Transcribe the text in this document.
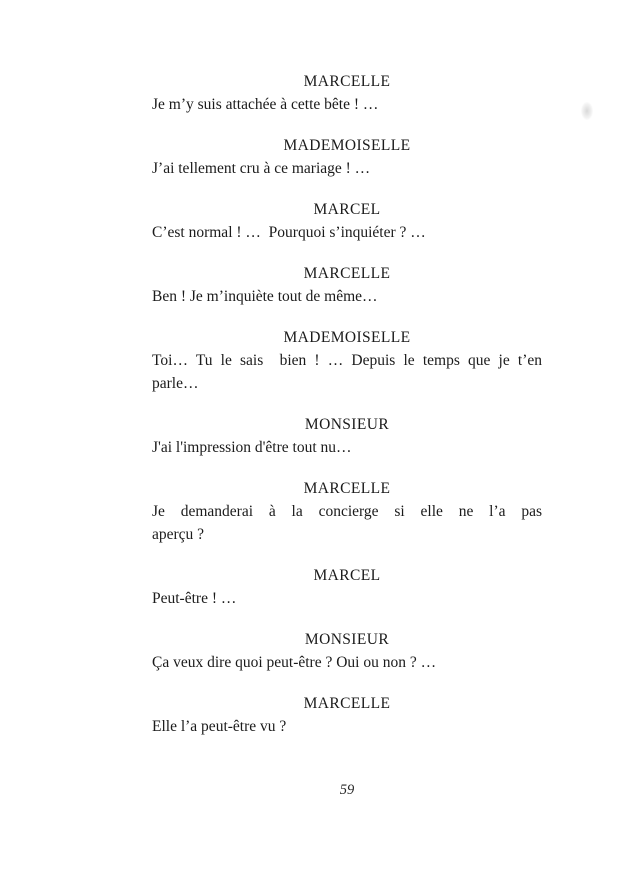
MARCELLE
Je m’y suis attachée à cette bête ! …
MADEMOISELLE
J’ai tellement cru à ce mariage ! …
MARCEL
C’est normal ! …  Pourquoi s’inquiéter ? …
MARCELLE
Ben ! Je m’inquiète tout de même…
MADEMOISELLE
Toi… Tu le sais  bien ! … Depuis le temps que je t’en
parle…
MONSIEUR
J'ai l'impression d'être tout nu…
MARCELLE
Je demanderai à la concierge si elle ne l’a pas
aperçu ?
MARCEL
Peut-être ! …
MONSIEUR
Ça veux dire quoi peut-être ? Oui ou non ? …
MARCELLE
Elle l’a peut-être vu ?
59
